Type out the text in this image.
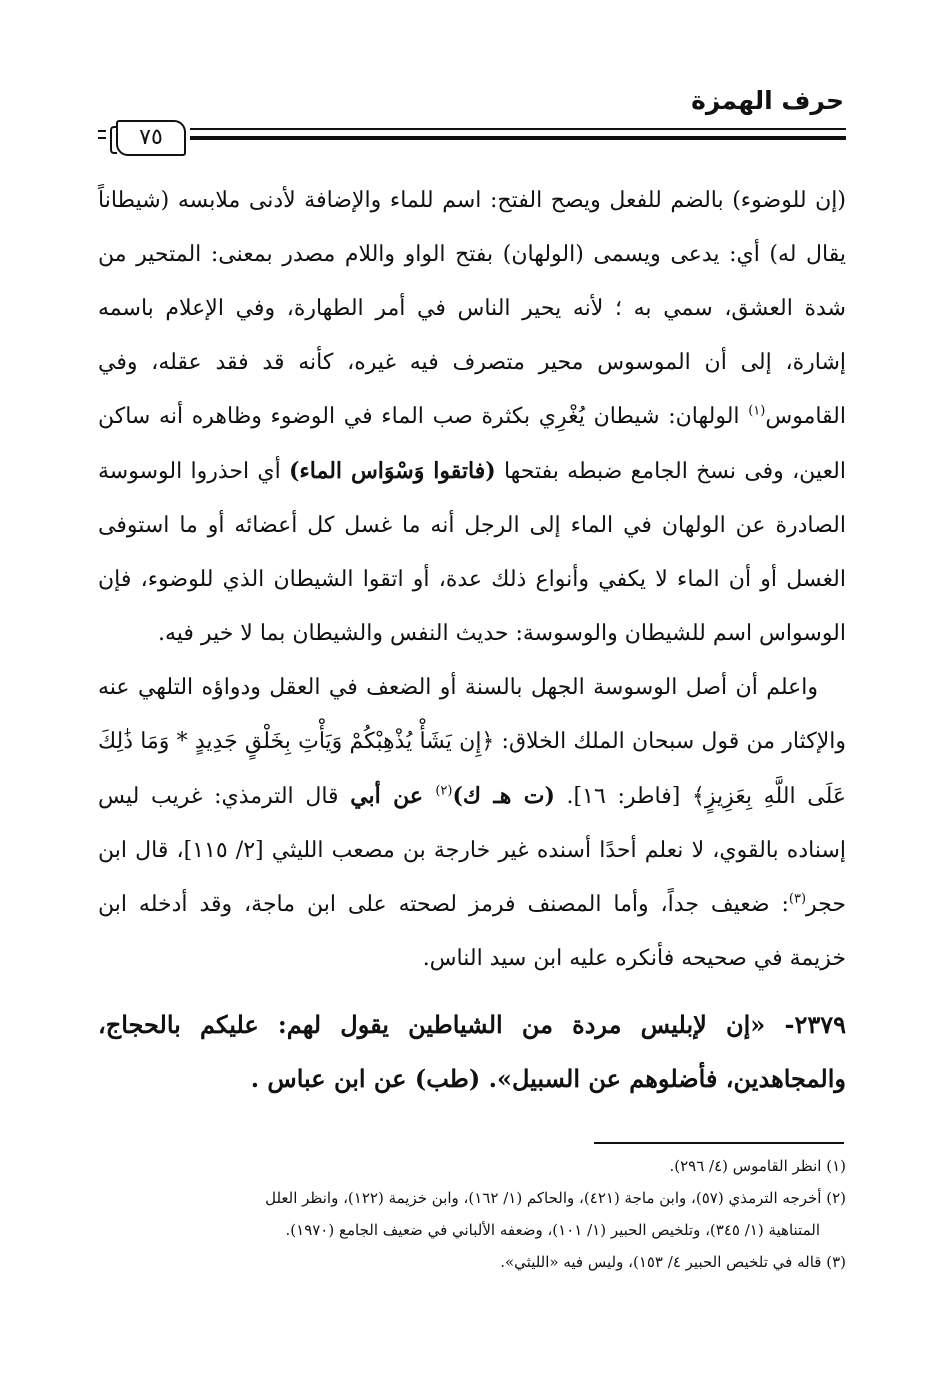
حرف الهمزة
٧٥

(إن للوضوء) بالضم للفعل ويصح الفتح: اسم للماء والإضافة لأدنى ملابسه (شيطاناً يقال له) أي: يدعى ويسمى (الولهان) بفتح الواو واللام مصدر بمعنى: المتحير من شدة العشق، سمي به ؛ لأنه يحير الناس في أمر الطهارة، وفي الإعلام باسمه إشارة، إلى أن الموسوس محير متصرف فيه غيره، كأنه قد فقد عقله، وفي القاموس$^{(١)}$ الولهان: شيطان يُغْرِي بكثرة صب الماء في الوضوء وظاهره أنه ساكن العين، وفى نسخ الجامع ضبطه بفتحها (فاتقوا وَسْوَاس الماء) أي احذروا الوسوسة الصادرة عن الولهان في الماء إلى الرجل أنه ما غسل كل أعضائه أو ما استوفى الغسل أو أن الماء لا يكفي وأنواع ذلك عدة، أو اتقوا الشيطان الذي للوضوء، فإن الوسواس اسم للشيطان والوسوسة: حديث النفس والشيطان بما لا خير فيه.

واعلم أن أصل الوسوسة الجهل بالسنة أو الضعف في العقل ودواؤه التلهي عنه والإكثار من قول سبحان الملك الخلاق: ﴿إِن يَشَأْ يُذْهِبْكُمْ وَيَأْتِ بِخَلْقٍ جَدِيدٍ * وَمَا ذَٰلِكَ عَلَى اللَّهِ بِعَزِيزٍ﴾ [فاطر: ١٦]. (ت هـ ك)$^{(٢)}$ عن أبي قال الترمذي: غريب ليس إسناده بالقوي، لا نعلم أحدًا أسنده غير خارجة بن مصعب الليثي [٢/ ١١٥]، قال ابن حجر$^{(٣)}$: ضعيف جداً، وأما المصنف فرمز لصحته على ابن ماجة، وقد أدخله ابن خزيمة في صحيحه فأنكره عليه ابن سيد الناس.

٢٣٧٩- «إن لإبليس مردة من الشياطين يقول لهم: عليكم بالحجاج، والمجاهدين، فأضلوهم عن السبيل». (طب) عن ابن عباس .

(١) انظر القاموس (٤/ ٢٩٦).

(٢) أخرجه الترمذي (٥٧)، وابن ماجة (٤٢١)، والحاكم (١/ ١٦٢)، وابن خزيمة (١٢٢)، وانظر العلل

المتناهية (١/ ٣٤٥)، وتلخيص الحبير (١/ ١٠١)، وضعفه الألباني في ضعيف الجامع (١٩٧٠).

(٣) قاله في تلخيص الحبير ٤/ ١٥٣)، وليس فيه «الليثي».
